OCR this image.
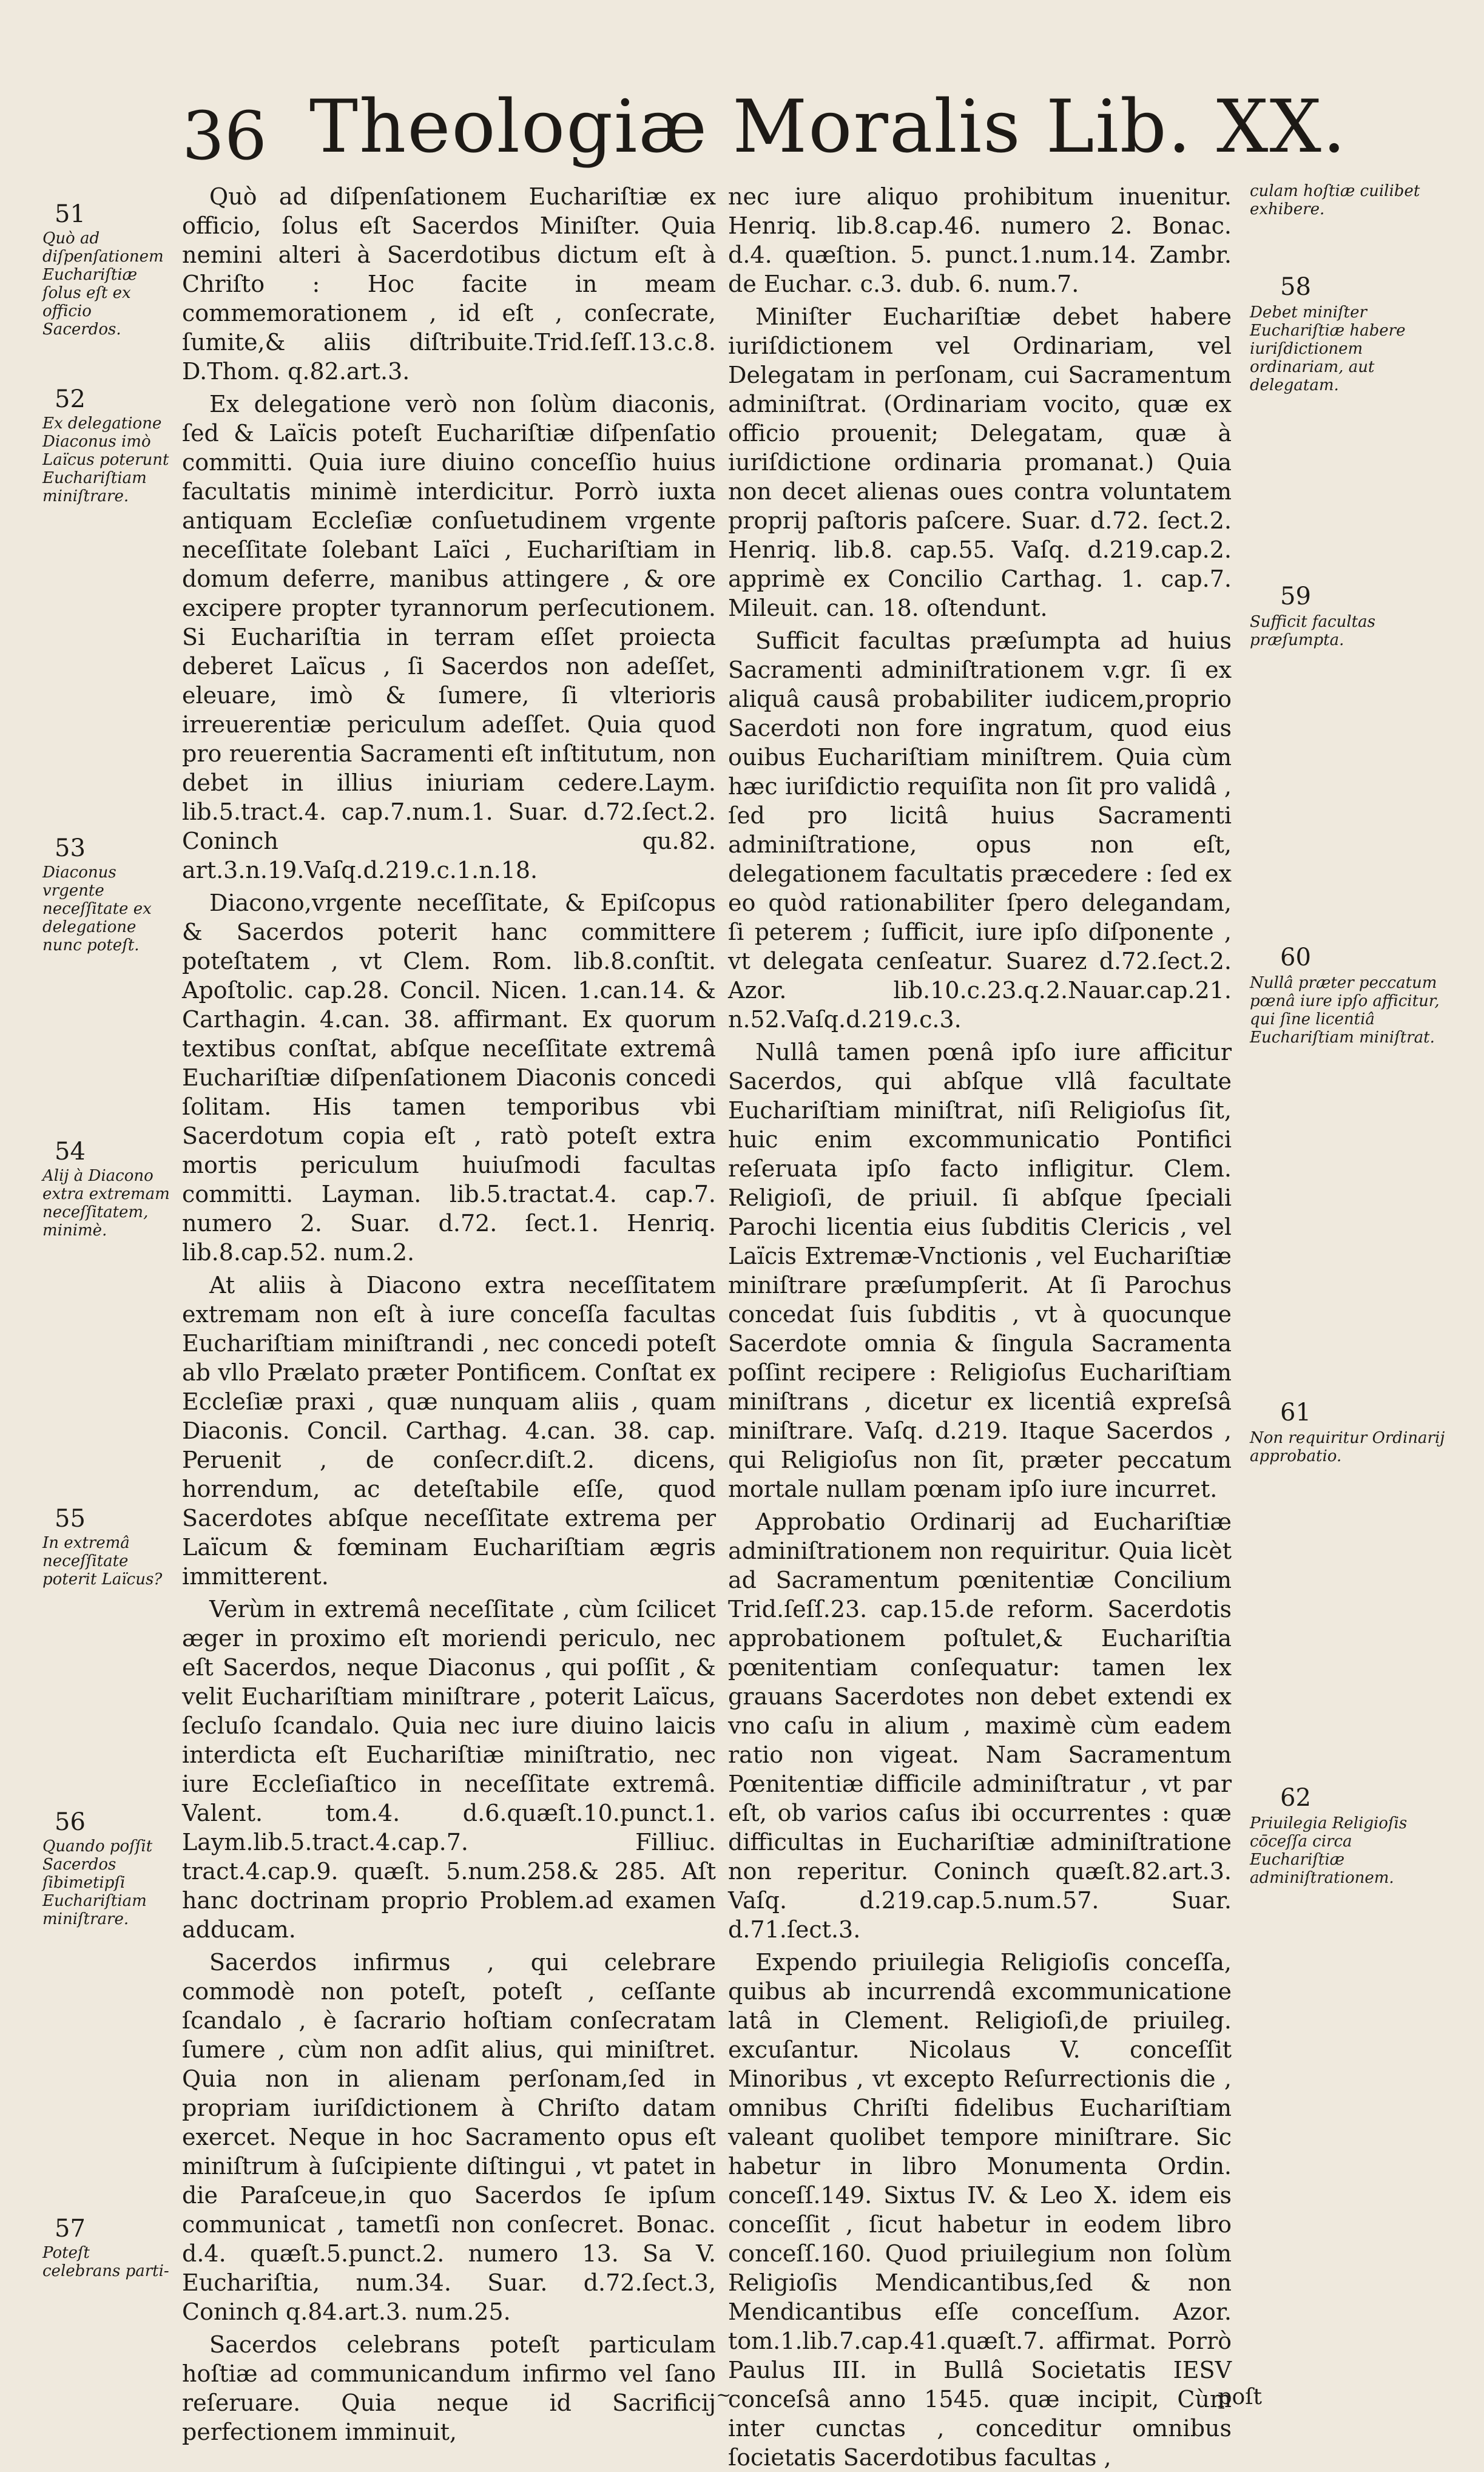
36 Theologiæ Moralis Lib. XX.
51
Quò ad diſpenſationem Euchariſtiæ ſolus eſt ex officio Sacerdos.
52
Ex delegatione Diaconus imò Laïcus poterunt Euchariſtiam miniſtrare.
53
Diaconus vrgente neceſſitate ex delegatione nunc poteſt.
54
Alij à Diacono extra extremam neceſſitatem, minimè.
55
In extremâ neceſſitate poterit Laïcus?
56
Quando poſſit Sacerdos ſibimetipſi Euchariſtiam miniſtrare.
57
Poteſt celebrans parti-

Quò ad diſpenſationem Euchariſtiæ ex officio, ſolus eſt Sacerdos Miniſter. Quia nemini alteri à Sacerdotibus dictum eſt à Chriſto : Hoc facite in meam commemorationem , id eſt , conſecrate, ſumite,& aliis diſtribuite.Trid.ſeſſ.13.c.8. D.Thom. q.82.art.3.

Ex delegatione verò non ſolùm diaconis, ſed & Laïcis poteſt Euchariſtiæ diſpenſatio committi. Quia iure diuino conceſſio huius facultatis minimè interdicitur. Porrò iuxta antiquam Eccleſiæ conſuetudinem vrgente neceſſitate ſolebant Laïci , Euchariſtiam in domum deferre, manibus attingere , & ore excipere propter tyrannorum perſecutionem. Si Euchariſtia in terram eſſet proiecta deberet Laïcus , ſi Sacerdos non adeſſet, eleuare, imò & ſumere, ſi vlterioris irreuerentiæ periculum adeſſet. Quia quod pro reuerentia Sacramenti eſt inſtitutum, non debet in illius iniuriam cedere.Laym. lib.5.tract.4. cap.7.num.1. Suar. d.72.ſect.2. Coninch qu.82. art.3.n.19.Vaſq.d.219.c.1.n.18.

Diacono,vrgente neceſſitate, & Epiſcopus & Sacerdos poterit hanc committere poteſtatem , vt Clem. Rom. lib.8.conſtit. Apoſtolic. cap.28. Concil. Nicen. 1.can.14. & Carthagin. 4.can. 38. affirmant. Ex quorum textibus conſtat, abſque neceſſitate extremâ Euchariſtiæ diſpenſationem Diaconis concedi ſolitam. His tamen temporibus vbi Sacerdotum copia eſt , ratò poteſt extra mortis periculum huiuſmodi facultas committi. Layman. lib.5.tractat.4. cap.7. numero 2. Suar. d.72. ſect.1. Henriq. lib.8.cap.52. num.2.

At aliis à Diacono extra neceſſitatem extremam non eſt à iure conceſſa facultas Euchariſtiam miniſtrandi , nec concedi poteſt ab vllo Prælato præter Pontificem. Conſtat ex Eccleſiæ praxi , quæ nunquam aliis , quam Diaconis. Concil. Carthag. 4.can. 38. cap. Peruenit , de conſecr.diſt.2. dicens, horrendum, ac deteſtabile eſſe, quod Sacerdotes abſque neceſſitate extrema per Laïcum & fœminam Euchariſtiam ægris immitterent.

Verùm in extremâ neceſſitate , cùm ſcilicet æger in proximo eſt moriendi periculo, nec eſt Sacerdos, neque Diaconus , qui poſſit , & velit Euchariſtiam miniſtrare , poterit Laïcus, ſecluſo ſcandalo. Quia nec iure diuino laicis interdicta eſt Euchariſtiæ miniſtratio, nec iure Eccleſiaſtico in neceſſitate extremâ. Valent. tom.4. d.6.quæſt.10.punct.1. Laym.lib.5.tract.4.cap.7. Filliuc. tract.4.cap.9. quæſt. 5.num.258.& 285. Aſt hanc doctrinam proprio Problem.ad examen adducam.

Sacerdos infirmus , qui celebrare commodè non poteſt, poteſt , ceſſante ſcandalo , è ſacrario hoſtiam conſecratam ſumere , cùm non adſit alius, qui miniſtret. Quia non in alienam perſonam,ſed in propriam iuriſdictionem à Chriſto datam exercet. Neque in hoc Sacramento opus eſt miniſtrum à ſuſcipiente diſtingui , vt patet in die Paraſceue,in quo Sacerdos ſe ipſum communicat , tametſi non conſecret. Bonac. d.4. quæſt.5.punct.2. numero 13. Sa V. Euchariſtia, num.34. Suar. d.72.ſect.3, Coninch q.84.art.3. num.25.

Sacerdos celebrans poteſt particulam hoſtiæ ad communicandum infirmo vel ſano reſeruare. Quia neque id Sacrificij perfectionem imminuit,

nec iure aliquo prohibitum inuenitur. Henriq. lib.8.cap.46. numero 2. Bonac. d.4. quæſtion. 5. punct.1.num.14. Zambr. de Euchar. c.3. dub. 6. num.7.

Miniſter Euchariſtiæ debet habere iuriſdictionem vel Ordinariam, vel Delegatam in perſonam, cui Sacramentum adminiſtrat. (Ordinariam vocito, quæ ex officio prouenit; Delegatam, quæ à iuriſdictione ordinaria promanat.) Quia non decet alienas oues contra voluntatem proprij paſtoris paſcere. Suar. d.72. ſect.2. Henriq. lib.8. cap.55. Vaſq. d.219.cap.2. apprimè ex Concilio Carthag. 1. cap.7. Mileuit. can. 18. oſtendunt.

Sufficit facultas præſumpta ad huius Sacramenti adminiſtrationem v.gr. ſi ex aliquâ causâ probabiliter iudicem,proprio Sacerdoti non fore ingratum, quod eius ouibus Euchariſtiam miniſtrem. Quia cùm hæc iuriſdictio requiſita non ſit pro validâ , ſed pro licitâ huius Sacramenti adminiſtratione, opus non eſt, delegationem facultatis præcedere : ſed ex eo quòd rationabiliter ſpero delegandam, ſi peterem ; ſufficit, iure ipſo diſponente , vt delegata cenſeatur. Suarez d.72.ſect.2. Azor. lib.10.c.23.q.2.Nauar.cap.21. n.52.Vaſq.d.219.c.3.

Nullâ tamen pœnâ ipſo iure afficitur Sacerdos, qui abſque vllâ facultate Euchariſtiam miniſtrat, niſi Religioſus ſit, huic enim excommunicatio Pontifici reſeruata ipſo facto infligitur. Clem. Religioſi, de priuil. ſi abſque ſpeciali Parochi licentia eius ſubditis Clericis , vel Laïcis Extremæ-Vnctionis , vel Euchariſtiæ miniſtrare præſumpſerit. At ſi Parochus concedat ſuis ſubditis , vt à quocunque Sacerdote omnia & ſingula Sacramenta poſſint recipere : Religioſus Euchariſtiam miniſtrans , dicetur ex licentiâ expreſsâ miniſtrare. Vaſq. d.219. Itaque Sacerdos , qui Religioſus non ſit, præter peccatum mortale nullam pœnam ipſo iure incurret.

Approbatio Ordinarij ad Euchariſtiæ adminiſtrationem non requiritur. Quia licèt ad Sacramentum pœnitentiæ Concilium Trid.ſeſſ.23. cap.15.de reform. Sacerdotis approbationem poſtulet,& Euchariſtia pœnitentiam conſequatur: tamen lex grauans Sacerdotes non debet extendi ex vno caſu in alium , maximè cùm eadem ratio non vigeat. Nam Sacramentum Pœnitentiæ difficile adminiſtratur , vt par eſt, ob varios caſus ibi occurrentes : quæ difficultas in Euchariſtiæ adminiſtratione non reperitur. Coninch quæſt.82.art.3. Vaſq. d.219.cap.5.num.57. Suar. d.71.ſect.3.

Expendo priuilegia Religioſis conceſſa, quibus ab incurrendâ excommunicatione latâ in Clement. Religioſi,de priuileg. excuſantur. Nicolaus V. conceſſit Minoribus , vt excepto Reſurrectionis die , omnibus Chriſti fidelibus Euchariſtiam valeant quolibet tempore miniſtrare. Sic habetur in libro Monumenta Ordin. conceſſ.149. Sixtus IV. & Leo X. idem eis conceſſit , ſicut habetur in eodem libro conceſſ.160. Quod priuilegium non ſolùm Religioſis Mendicantibus,ſed & non Mendicantibus eſſe conceſſum. Azor. tom.1.lib.7.cap.41.quæſt.7. affirmat. Porrò Paulus III. in Bullâ Societatis IESV conceſsâ anno 1545. quæ incipit, Cùm inter cunctas , conceditur omnibus ſocietatis Sacerdotibus facultas ,

culam hoſtiæ cuilibet exhibere.
58
Debet miniſter Euchariſtiæ habere iuriſdictionem ordinariam, aut delegatam.
59
Sufficit facultas præſumpta.
60
Nullâ præter peccatum pœnâ iure ipſo afficitur, qui ſine licentiâ Euchariſtiam miniſtrat.
61
Non requiritur Ordinarij approbatio.
62
Priuilegia Religioſis cōceſſa circa Euchariſtiæ adminiſtrationem.
~	poſt
